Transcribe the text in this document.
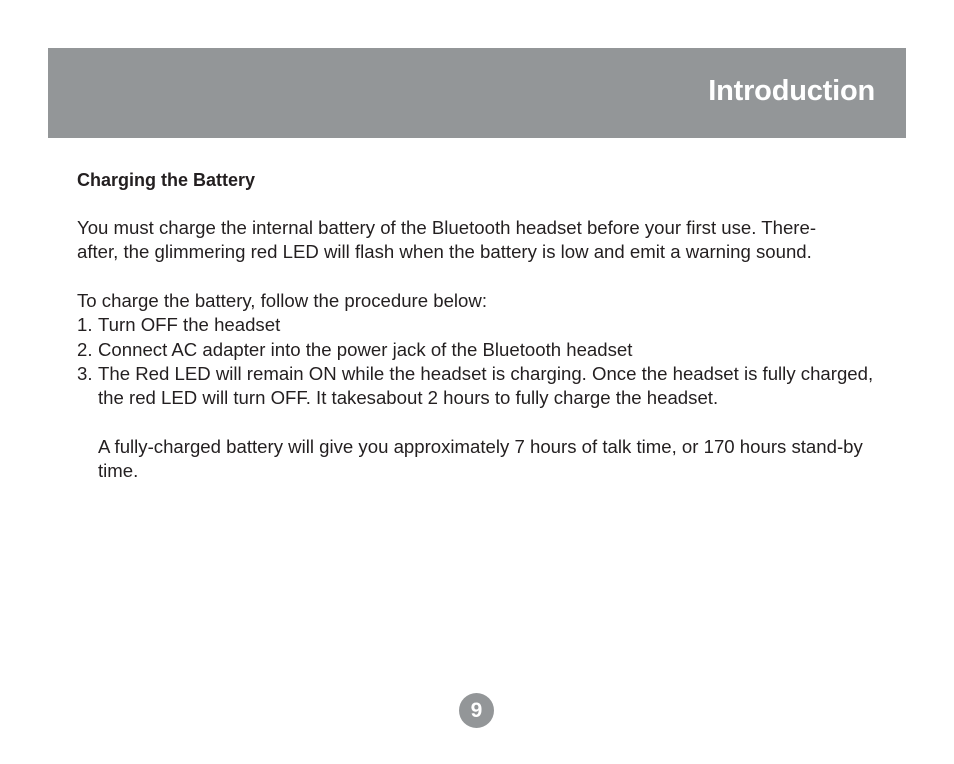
Introduction
Charging the Battery

You must charge the internal battery of the Bluetooth headset before your first use. There-
after, the glimmering red LED will flash when the battery is low and emit a warning sound.

To charge the battery, follow the procedure below:

1. Turn OFF the headset
2. Connect AC adapter into the power jack of the Bluetooth headset
3. The Red LED will remain ON while the headset is charging. Once the headset is fully charged, the red LED will turn OFF. It takesabout 2 hours to fully charge the headset.

A fully-charged battery will give you approximately 7 hours of talk time, or 170 hours stand-by time.

9
